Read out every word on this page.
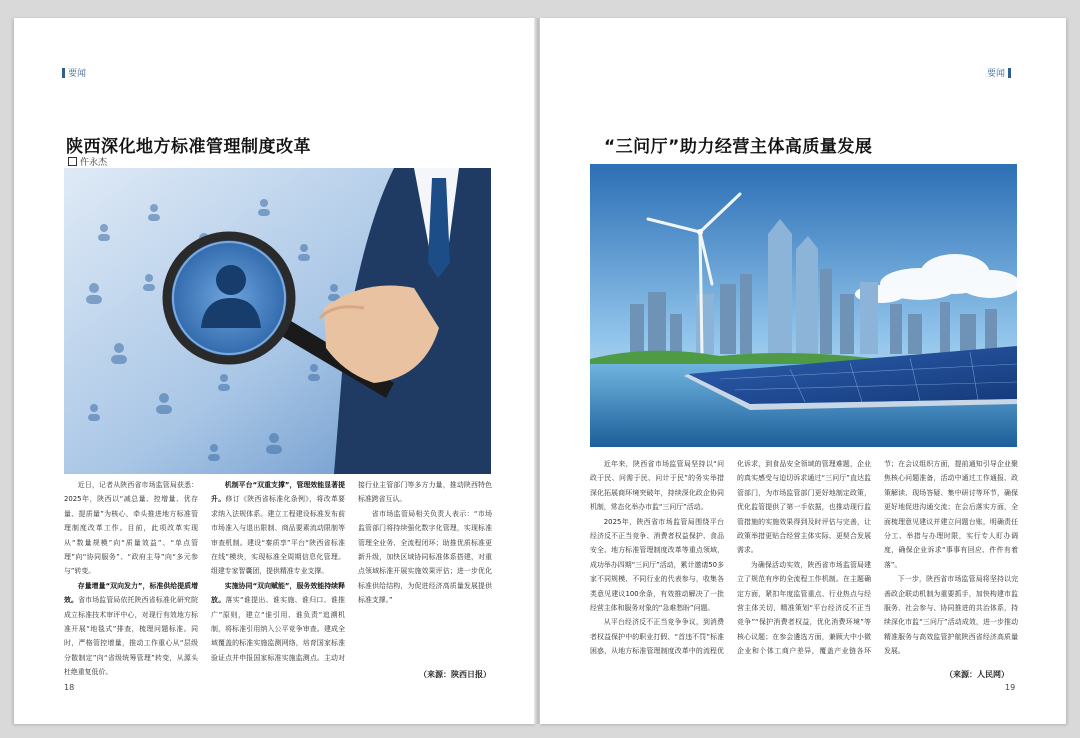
要闻
陕西深化地方标准管理制度改革
仵永杰

近日，记者从陕西省市场监管局获悉：2025年，陕西以“减总量、控增量、优存量、提质量”为核心，牵头推进地方标准管理制度改革工作。目前，此项改革实现从“数量规模”向“质量效益”、“单点管理”向“协同服务”、“政府主导”向“多元参与”转变。

存量增量“双向发力”，标准供给提质增效。省市场监管局依托陕西省标准化研究院成立标准技术审评中心，对现行有效地方标准开展“地毯式”排查，梳理问题标准。同时，严格管控增量，推动工作重心从“层级分散制定”向“省级统筹管理”转变，从源头杜绝重复低价。

机制平台“双重支撑”，管理效能显著提升。修订《陕西省标准化条例》，将改革要求纳入法规体系。建立工程建设标准发布前市场准入与退出限制、商品要素流动限制等审查机制。建设“秦质享”平台“陕西省标准在线”模块，实现标准全周期信息化管理。组建专家智囊团，提供精准专业支撑。

实施协同“双向赋能”，服务效能持续释放。落实“谁提出、谁实施、谁归口、谁推广”原则，建立“谁引用、谁负责”追溯机制，将标准引用纳入公平竞争审查。建成全域覆盖的标准实施监测网络，培育国家标准验证点并申报国家标准实施监测点。主动对接行业主管部门等多方力量，推动陕西特色标准跨省互认。

省市场监管局相关负责人表示：“市场监管部门将持续强化数字化管理，实现标准管理全业务、全流程闭环；助推优质标准更新升级，加快区域协同标准体系搭建，对重点领域标准开展实施效果评估；进一步优化标准供给结构，为促进经济高质量发展提供标准支撑。”

（来源：陕西日报）
18
要闻
“三问厅”助力经营主体高质量发展

近年来，陕西省市场监管局坚持以“问政于民、问需于民、问计于民”的务实举措深化拓展商环境突破年，持续深化政企协同机制，常态化举办市监“三问厅”活动。

2025年，陕西省市场监管局围绕平台经济反不正当竞争、消费者权益保护、食品安全、地方标准管理制度改革等重点领域，成功举办四期“三问厅”活动，累计邀请50多家不同规模、不同行业的代表参与，收集各类意见建议100余条，有效推动解决了一批经营主体和服务对象的“急难愁盼”问题。

从平台经济反不正当竞争争议，到消费者权益保护中的职业打假、“首违不罚”标准困惑，从地方标准管理制度改革中的流程优化诉求，到食品安全领域的管理难题，企业的真实感受与迫切诉求通过“三问厅”直达监管部门，为市场监管部门更好地制定政策，优化监管提供了第一手依据，也推动现行监管措施的实施效果得到及时评估与完善，让政策举措更贴合经营主体实际、更契合发展需求。

为确保活动实效，陕西省市场监管局建立了规范有序的全流程工作机制。在主题确定方面，紧扣年度监管重点、行业热点与经营主体关切，精准策划“平台经济反不正当竞争”“保护消费者权益，优化消费环境”等核心议题；在参会遴选方面，兼顾大中小微企业和个体工商户差异，覆盖产业链各环节；在会议组织方面，提前通知引导企业聚焦核心问题准备，活动中通过工作通报、政策解读、现场答疑、集中研讨等环节，确保更好地促进沟通交流；在会后落实方面，全面梳理意见建议并建立问题台账，明确责任分工、举措与办理时限，实行专人盯办调度，确保企业诉求“事事有回应、件件有着落”。

下一步，陕西省市场监管局将坚持以完善政企联动机制为重要抓手，加快构建市监服务、社会参与、协同推进的共治体系，持续深化市监“三问厅”活动成效，进一步推动精准服务与高效监管护航陕西省经济高质量发展。

（来源：人民网）
19
